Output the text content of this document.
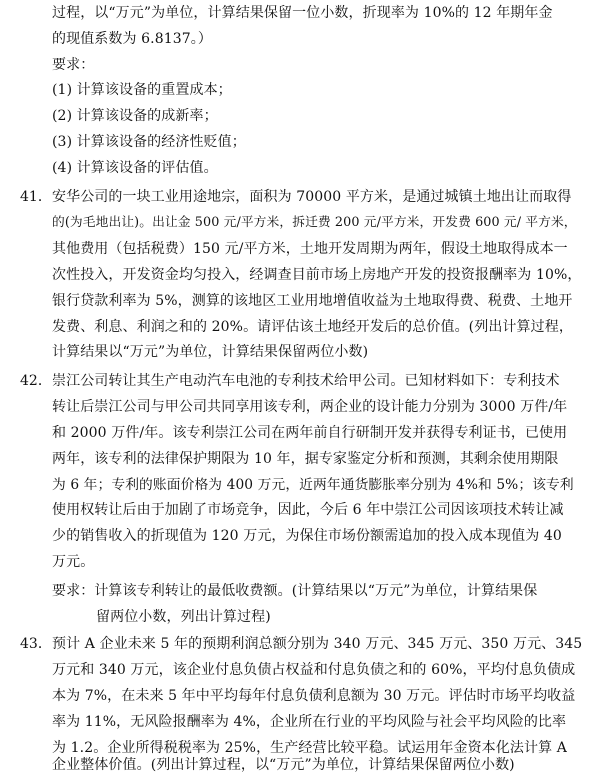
过程，以“万元”为单位，计算结果保留一位小数，折现率为 10%的 12 年期年金

的现值系数为 6.8137。）

要求：

(1) 计算该设备的重置成本；

(2) 计算该设备的成新率；

(3) 计算该设备的经济性贬值；

(4) 计算该设备的评估值。

41． 安华公司的一块工业用途地宗，面积为 70000 平方米，是通过城镇土地出让而取得

的(为毛地出让)。出让金 500 元/平方米，拆迁费 200 元/平方米，开发费 600 元/ 平方米，

其他费用（包括税费）150 元/平方米，土地开发周期为两年，假设土地取得成本一

次性投入，开发资金均匀投入，经调查目前市场上房地产开发的投资报酬率为 10%，

银行贷款利率为 5%，测算的该地区工业用地增值收益为土地取得费、税费、土地开

发费、利息、利润之和的 20%。请评估该土地经开发后的总价值。(列出计算过程，

计算结果以“万元”为单位，计算结果保留两位小数)

42． 崇江公司转让其生产电动汽车电池的专利技术给甲公司。已知材料如下：专利技术

转让后崇江公司与甲公司共同享用该专利，两企业的设计能力分别为 3000 万件/年

和 2000 万件/年。该专利崇江公司在两年前自行研制开发并获得专利证书，已使用

两年，该专利的法律保护期限为 10 年，据专家鉴定分析和预测，其剩余使用期限

为 6 年；专利的账面价格为 400 万元，近两年通货膨胀率分别为 4%和 5%；该专利

使用权转让后由于加剧了市场竞争，因此，今后 6 年中崇江公司因该项技术转让减

少的销售收入的折现值为 120 万元，为保住市场份额需追加的投入成本现值为 40

万元。

要求：计算该专利转让的最低收费额。(计算结果以“万元”为单位，计算结果保

留两位小数，列出计算过程)

43． 预计 A 企业未来 5 年的预期利润总额分别为 340 万元、345 万元、350 万元、345

万元和 340 万元，该企业付息负债占权益和付息负债之和的 60%，平均付息负债成

本为 7%，在未来 5 年中平均每年付息负债利息额为 30 万元。评估时市场平均收益

率为 11%，无风险报酬率为 4%，企业所在行业的平均风险与社会平均风险的比率

为 1.2。企业所得税税率为 25%，生产经营比较平稳。试运用年金资本化法计算 A

企业整体价值。(列出计算过程，以“万元”为单位，计算结果保留两位小数)
